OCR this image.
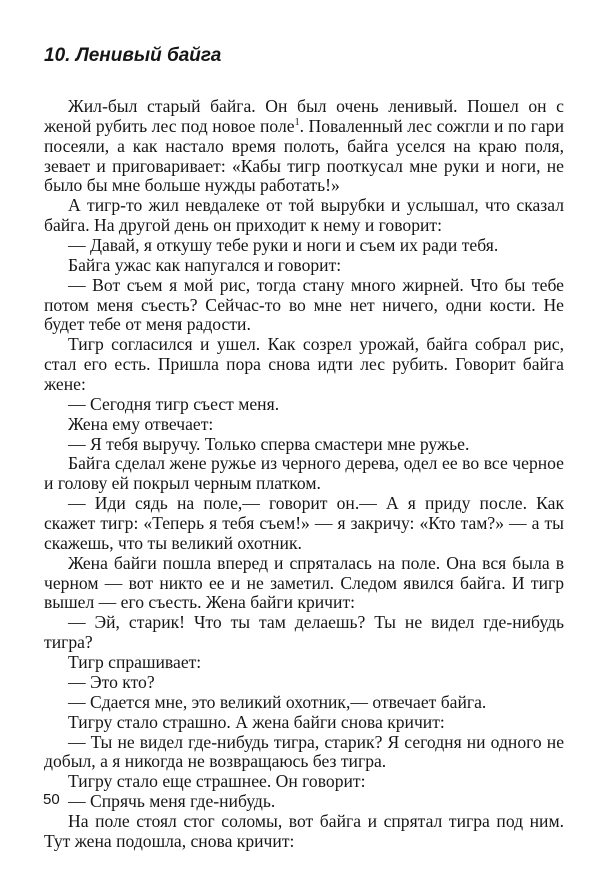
10. Ленивый байга

Жил-был старый байга. Он был очень ленивый. Пошел он с женой рубить лес под новое поле$^1$. Поваленный лес сожгли и по гари посеяли, а как настало время полоть, байга уселся на краю поля, зевает и приговаривает: «Кабы тигр пооткусал мне руки и ноги, не было бы мне больше нужды работать!»

А тигр-то жил невдалеке от той вырубки и услышал, что сказал байга. На другой день он приходит к нему и говорит:

— Давай, я откушу тебе руки и ноги и съем их ради тебя.

Байга ужас как напугался и говорит:

— Вот съем я мой рис, тогда стану много жирней. Что бы тебе потом меня съесть? Сейчас-то во мне нет ничего, одни кости. Не будет тебе от меня радости.

Тигр согласился и ушел. Как созрел урожай, байга собрал рис, стал его есть. Пришла пора снова идти лес рубить. Говорит байга жене:

— Сегодня тигр съест меня.

Жена ему отвечает:

— Я тебя выручу. Только сперва смастери мне ружье.

Байга сделал жене ружье из черного дерева, одел ее во все черное и голову ей покрыл черным платком.

— Иди сядь на поле,— говорит он.— А я приду после. Как скажет тигр: «Теперь я тебя съем!» — я закричу: «Кто там?» — а ты скажешь, что ты великий охотник.

Жена байги пошла вперед и спряталась на поле. Она вся была в черном — вот никто ее и не заметил. Следом явился байга. И тигр вышел — его съесть. Жена байги кричит:

— Эй, старик! Что ты там делаешь? Ты не видел где-нибудь тигра?

Тигр спрашивает:

— Это кто?

— Сдается мне, это великий охотник,— отвечает байга.

Тигру стало страшно. А жена байги снова кричит:

— Ты не видел где-нибудь тигра, старик? Я сегодня ни одного не добыл, а я никогда не возвращаюсь без тигра.

Тигру стало еще страшнее. Он говорит:

— Спрячь меня где-нибудь.

На поле стоял стог соломы, вот байга и спрятал тигра под ним. Тут жена подошла, снова кричит:

50
